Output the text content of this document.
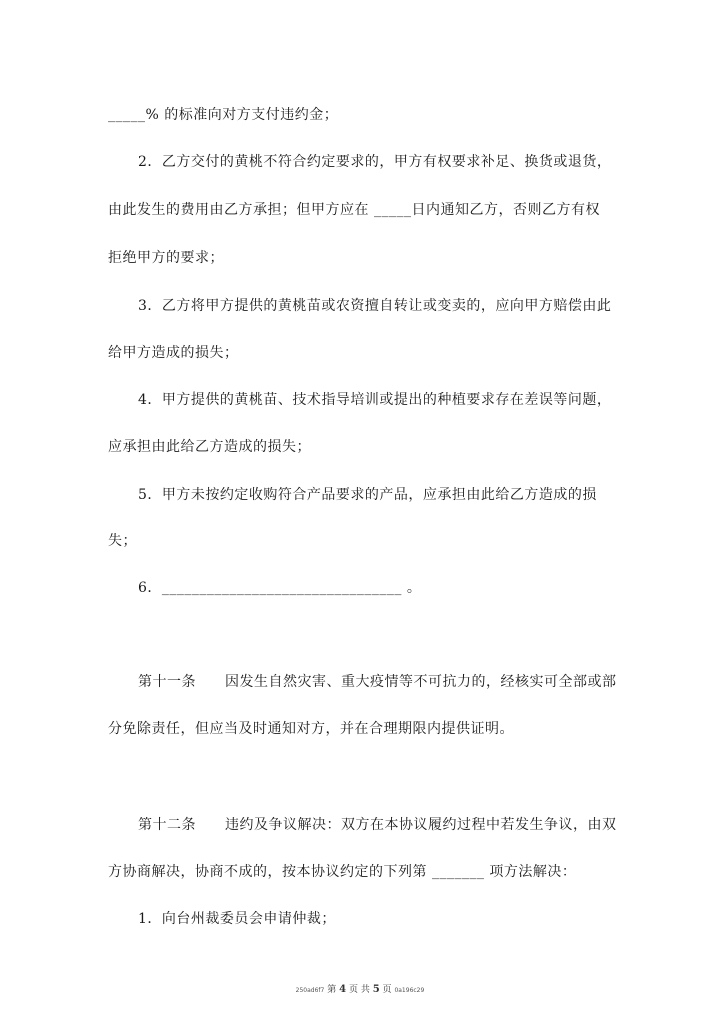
_____% 的标准向对方支付违约金；
2．乙方交付的黄桃不符合约定要求的，甲方有权要求补足、换货或退货，
由此发生的费用由乙方承担；但甲方应在 _____日内通知乙方，否则乙方有权
拒绝甲方的要求；
3．乙方将甲方提供的黄桃苗或农资擅自转让或变卖的，应向甲方赔偿由此
给甲方造成的损失；
4．甲方提供的黄桃苗、技术指导培训或提出的种植要求存在差误等问题，
应承担由此给乙方造成的损失；
5．甲方未按约定收购符合产品要求的产品，应承担由此给乙方造成的损
失；
6．________________________________ 。
第十一条　　因发生自然灾害、重大疫情等不可抗力的，经核实可全部或部
分免除责任，但应当及时通知对方，并在合理期限内提供证明。
第十二条　　违约及争议解决：双方在本协议履约过程中若发生争议，由双
方协商解决，协商不成的，按本协议约定的下列第 _______ 项方法解决：
1．向台州裁委员会申请仲裁；
250ad6f7 第 4 页 共 5 页 0a196c29
